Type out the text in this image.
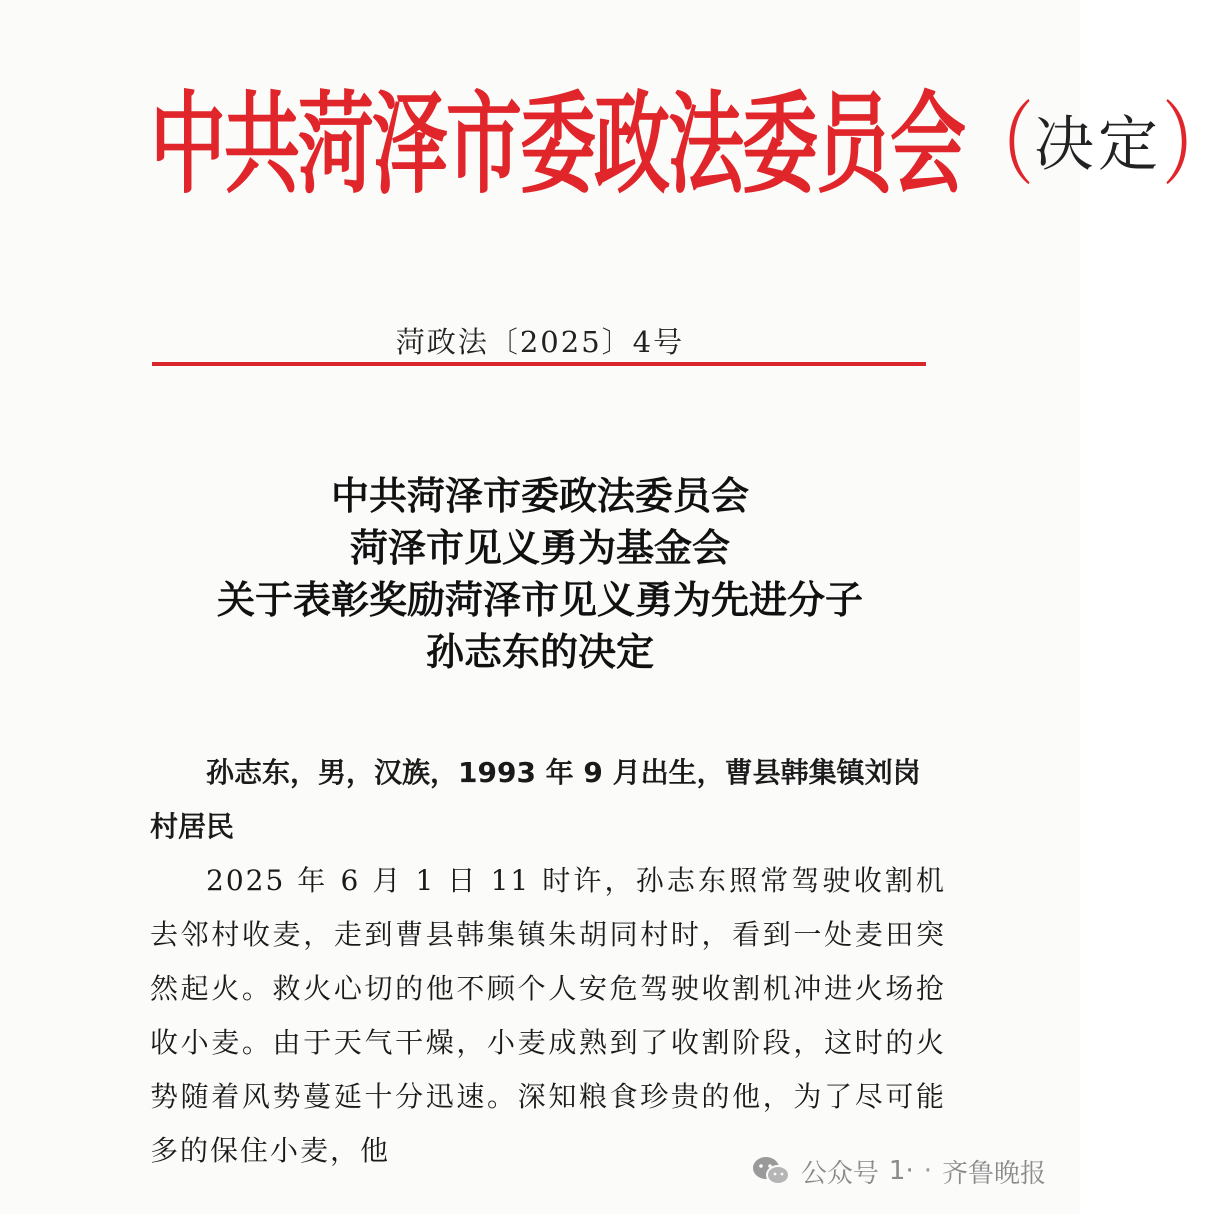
中共菏泽市委政法委员会（决定）
菏政法〔2025〕4号
中共菏泽市委政法委员会
菏泽市见义勇为基金会
关于表彰奖励菏泽市见义勇为先进分子
孙志东的决定
孙志东，男，汉族，1993 年 9 月出生，曹县韩集镇刘岗村居民
2025 年 6 月 1 日 11 时许，孙志东照常驾驶收割机去邻村收麦，走到曹县韩集镇朱胡同村时，看到一处麦田突然起火。救火心切的他不顾个人安危驾驶收割机冲进火场抢收小麦。由于天气干燥，小麦成熟到了收割阶段，这时的火势随着风势蔓延十分迅速。深知粮食珍贵的他，为了尽可能多的保住小麦，他
公众号 1· · 齐鲁晚报
